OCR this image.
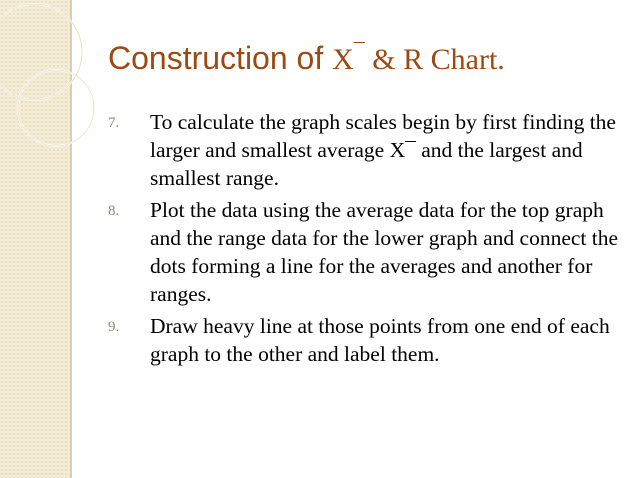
Construction of X¯ & R Chart.
7. To calculate the graph scales begin by first finding the larger and smallest average X¯ and the largest and smallest range.
8. Plot the data using the average data for the top graph and the range data for the lower graph and connect the dots forming a line for the averages and another for ranges.
9. Draw heavy line at those points from one end of each graph to the other and label them.
